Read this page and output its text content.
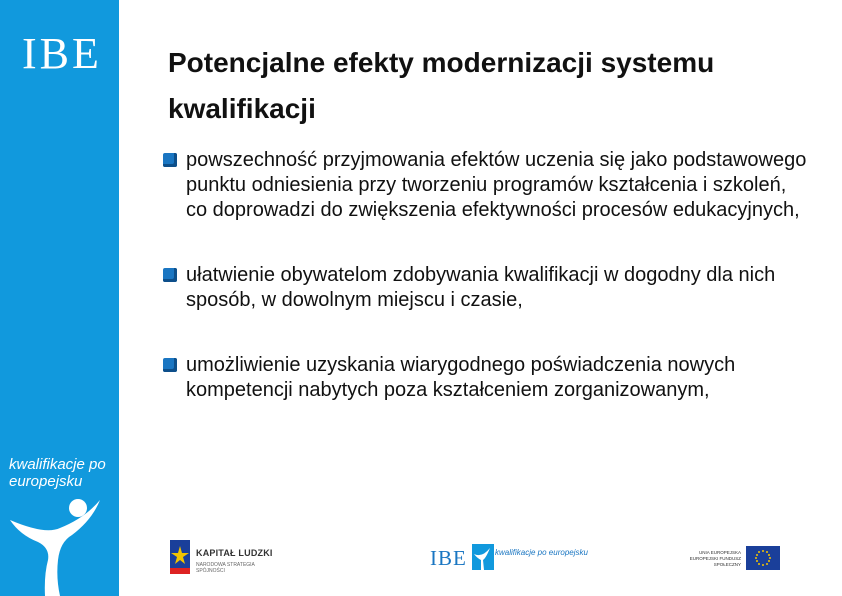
IBE
kwalifikacje po europejsku
Potencjalne efekty modernizacji systemu kwalifikacji
powszechność przyjmowania efektów uczenia się jako podstawowego punktu odniesienia przy tworzeniu programów kształcenia i szkoleń, co doprowadzi do zwiększenia efektywności procesów edukacyjnych,
ułatwienie obywatelom zdobywania kwalifikacji w dogodny dla nich sposób, w dowolnym miejscu i czasie,
umożliwienie uzyskania wiarygodnego poświadczenia nowych kompetencji nabytych poza kształceniem zorganizowanym,
KAPITAŁ LUDZKI
NARODOWA STRATEGIA SPÓJNOŚCI
IBE	kwalifikacje po europejsku	UNIA EUROPEJSKA EUROPEJSKI FUNDUSZ SPOŁECZNY
